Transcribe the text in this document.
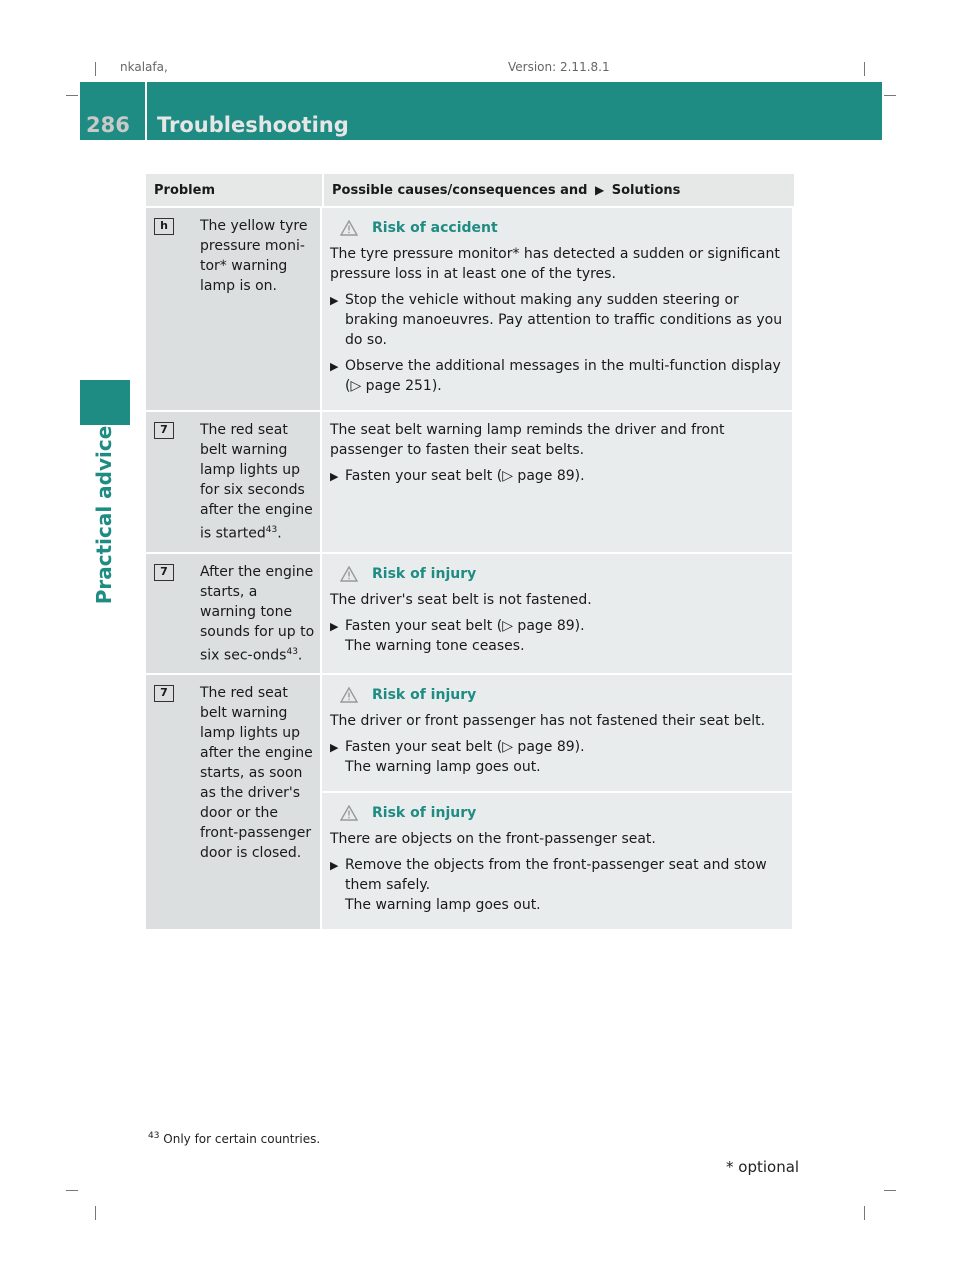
nkalafa,	Version: 2.11.8.1
286 Troubleshooting
Practical advice
Problem	Possible causes/consequences and ▶ Solutions
h	The yellow tyre pressure moni-tor* warning lamp is on.
Risk of accident
The tyre pressure monitor* has detected a sudden or significant pressure loss in at least one of the tyres.
▶ Stop the vehicle without making any sudden steering or braking manoeuvres. Pay attention to traffic conditions as you do so.
▶ Observe the additional messages in the multi-function display (▷ page 251).
7	The red seat belt warning lamp lights up for six seconds after the engine is started$^{43}$.
The seat belt warning lamp reminds the driver and front passenger to fasten their seat belts.
▶ Fasten your seat belt (▷ page 89).
7	After the engine starts, a warning tone sounds for up to six sec-onds$^{43}$.
Risk of injury
The driver's seat belt is not fastened.
▶ Fasten your seat belt (▷ page 89).
The warning tone ceases.
7	The red seat belt warning lamp lights up after the engine starts, as soon as the driver's door or the front-passenger door is closed.
Risk of injury
The driver or front passenger has not fastened their seat belt.
▶ Fasten your seat belt (▷ page 89).
The warning lamp goes out.
Risk of injury
There are objects on the front-passenger seat.
▶ Remove the objects from the front-passenger seat and stow them safely.
The warning lamp goes out.
$^{43}$ Only for certain countries.
* optional
